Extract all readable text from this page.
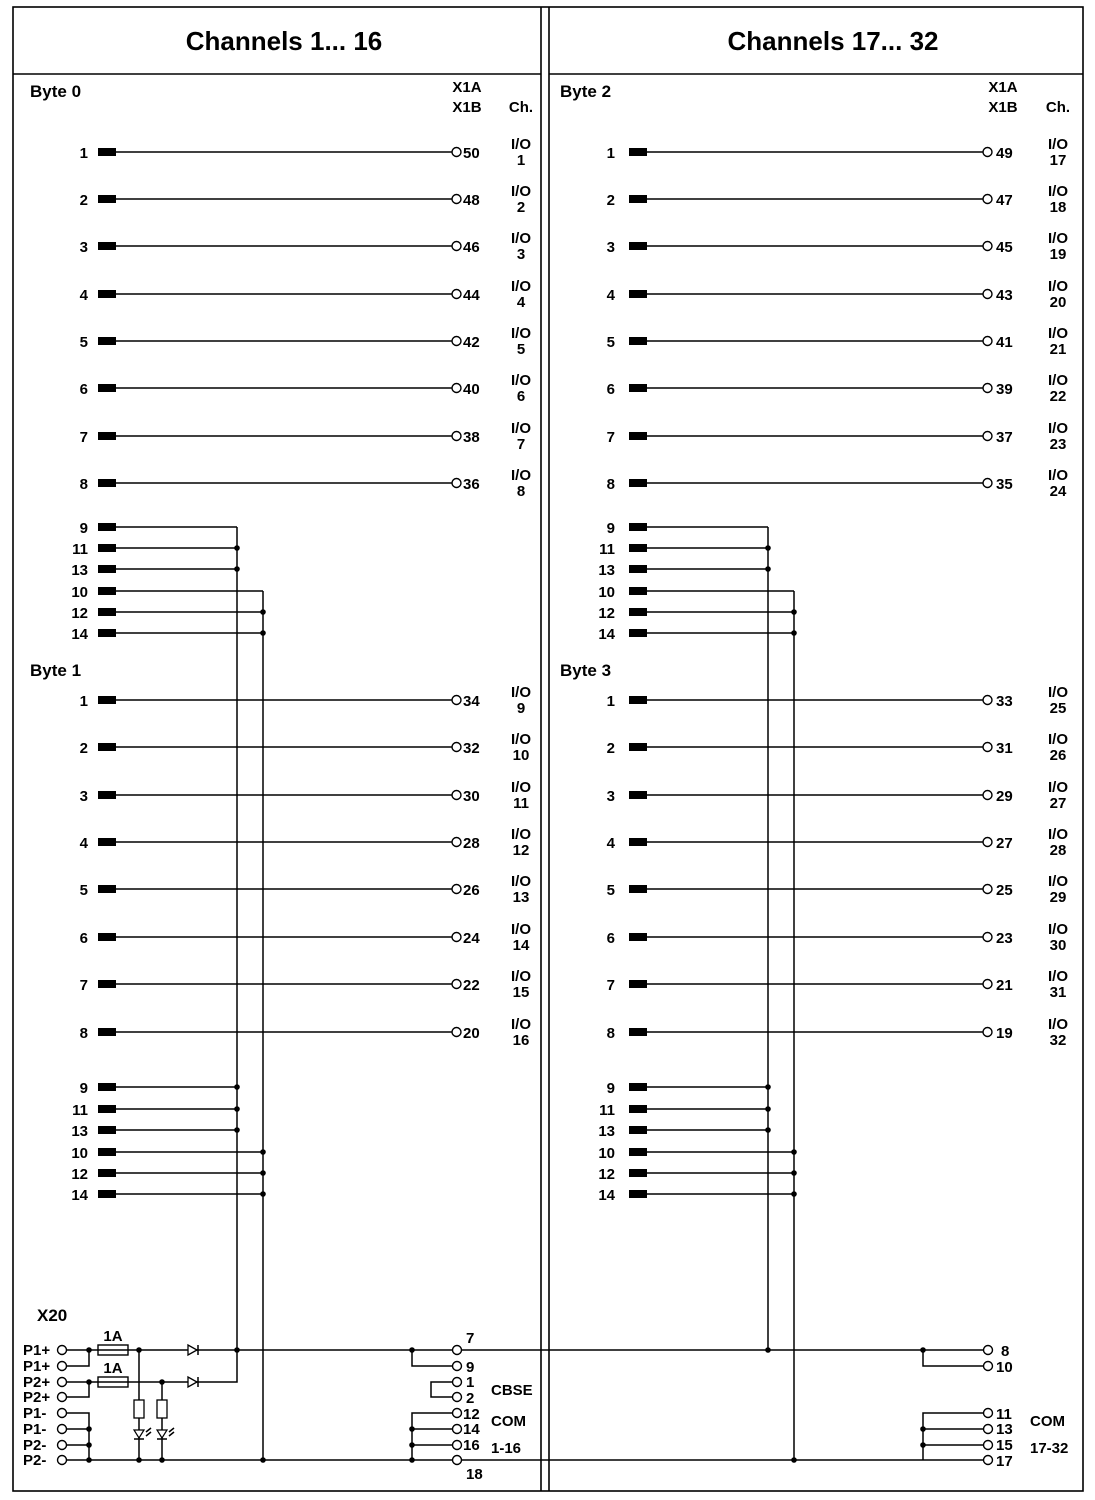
Channels 1... 16	Channels 17... 32
X1A
X1B Ch.
Byte 0
1	50
I/O
1
2	48
I/O
2
3	46
I/O
3
4	44
I/O
4
5	42
I/O
5
6	40
I/O
6
7	38
I/O
7
8	36
I/O
8
9
11
13
10
12
14
Byte 1
1	34
I/O
9
2	32
I/O
10
3	30
I/O
11
4	28
I/O
12
5	26
I/O
13
6	24
I/O
14
7	22
I/O
15
8	20
I/O
16
9
11
13
10
12
14
X1A
X1B Ch.
Byte 2
1	49
I/O
17
2	47
I/O
18
3	45
I/O
19
4	43
I/O
20
5	41
I/O
21
6	39
I/O
22
7	37
I/O
23
8	35
I/O
24
9
11
13
10
12
14
Byte 3
1	33
I/O
25
2	31
I/O
26
3	29
I/O
27
4	27
I/O
28
5	25
I/O
29
6	23
I/O
30
7	21
I/O
31
8	19
I/O
32
9
11
13
10
12
14
X20
P1+
P1+
P2+
P2+
P1-
P1-
P2-
P2-
1A
1A
7
9
1
2
12
14
16
18
CBSE
COM
1-16
8
10
11
13
15
17
COM
17-32
